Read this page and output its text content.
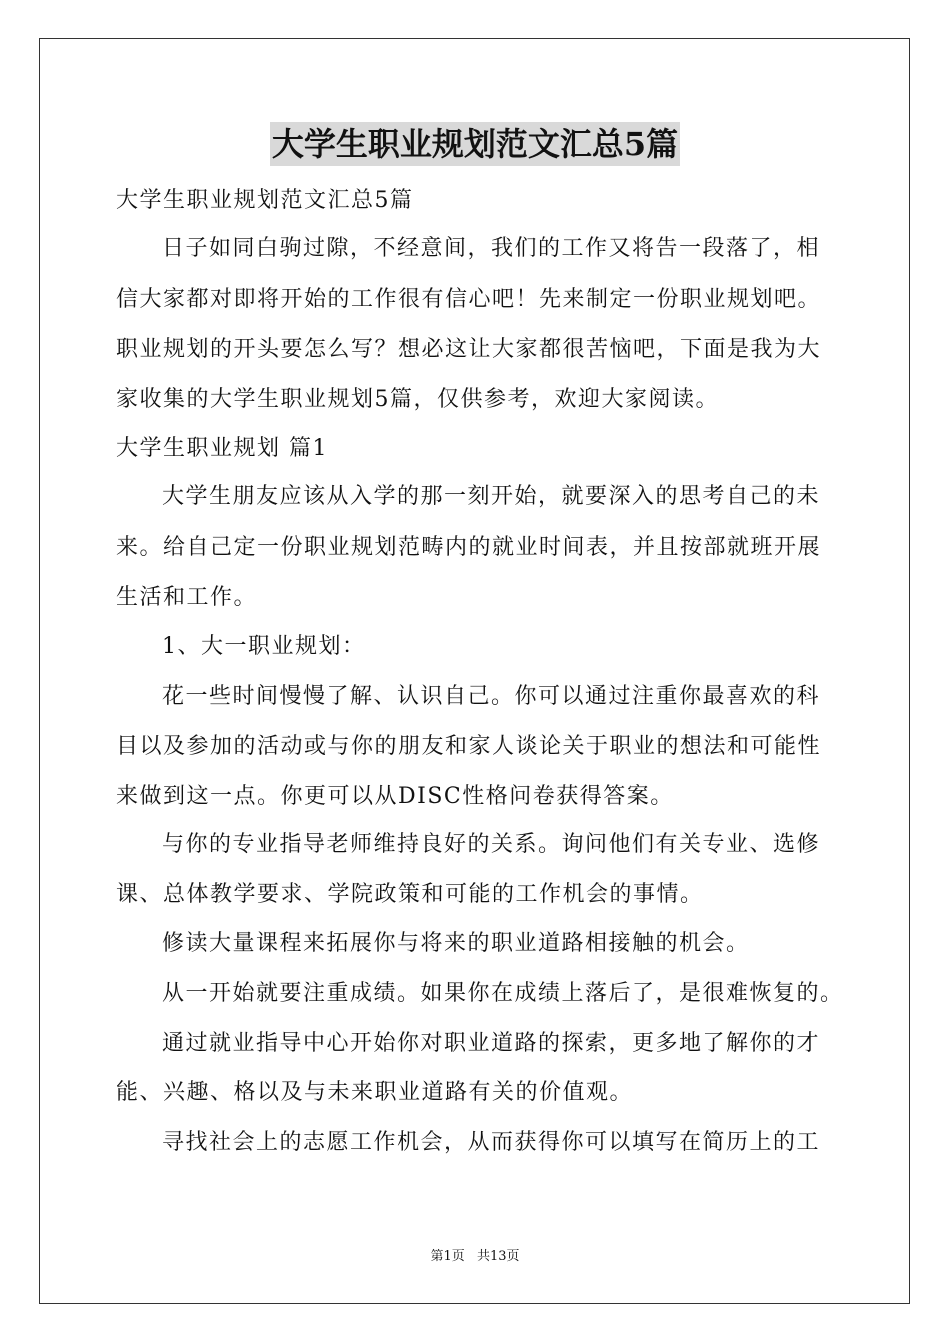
大学生职业规划范文汇总5篇
大学生职业规划范文汇总5篇
日子如同白驹过隙，不经意间，我们的工作又将告一段落了，相
信大家都对即将开始的工作很有信心吧！先来制定一份职业规划吧。
职业规划的开头要怎么写？想必这让大家都很苦恼吧，下面是我为大
家收集的大学生职业规划5篇，仅供参考，欢迎大家阅读。
大学生职业规划 篇1
大学生朋友应该从入学的那一刻开始，就要深入的思考自己的未
来。给自己定一份职业规划范畴内的就业时间表，并且按部就班开展
生活和工作。
1、大一职业规划：
花一些时间慢慢了解、认识自己。你可以通过注重你最喜欢的科
目以及参加的活动或与你的朋友和家人谈论关于职业的想法和可能性
来做到这一点。你更可以从DISC性格问卷获得答案。
与你的专业指导老师维持良好的关系。询问他们有关专业、选修
课、总体教学要求、学院政策和可能的工作机会的事情。
修读大量课程来拓展你与将来的职业道路相接触的机会。
从一开始就要注重成绩。如果你在成绩上落后了，是很难恢复的。
通过就业指导中心开始你对职业道路的探索，更多地了解你的才
能、兴趣、格以及与未来职业道路有关的价值观。
寻找社会上的志愿工作机会，从而获得你可以填写在简历上的工
第1页 共13页
